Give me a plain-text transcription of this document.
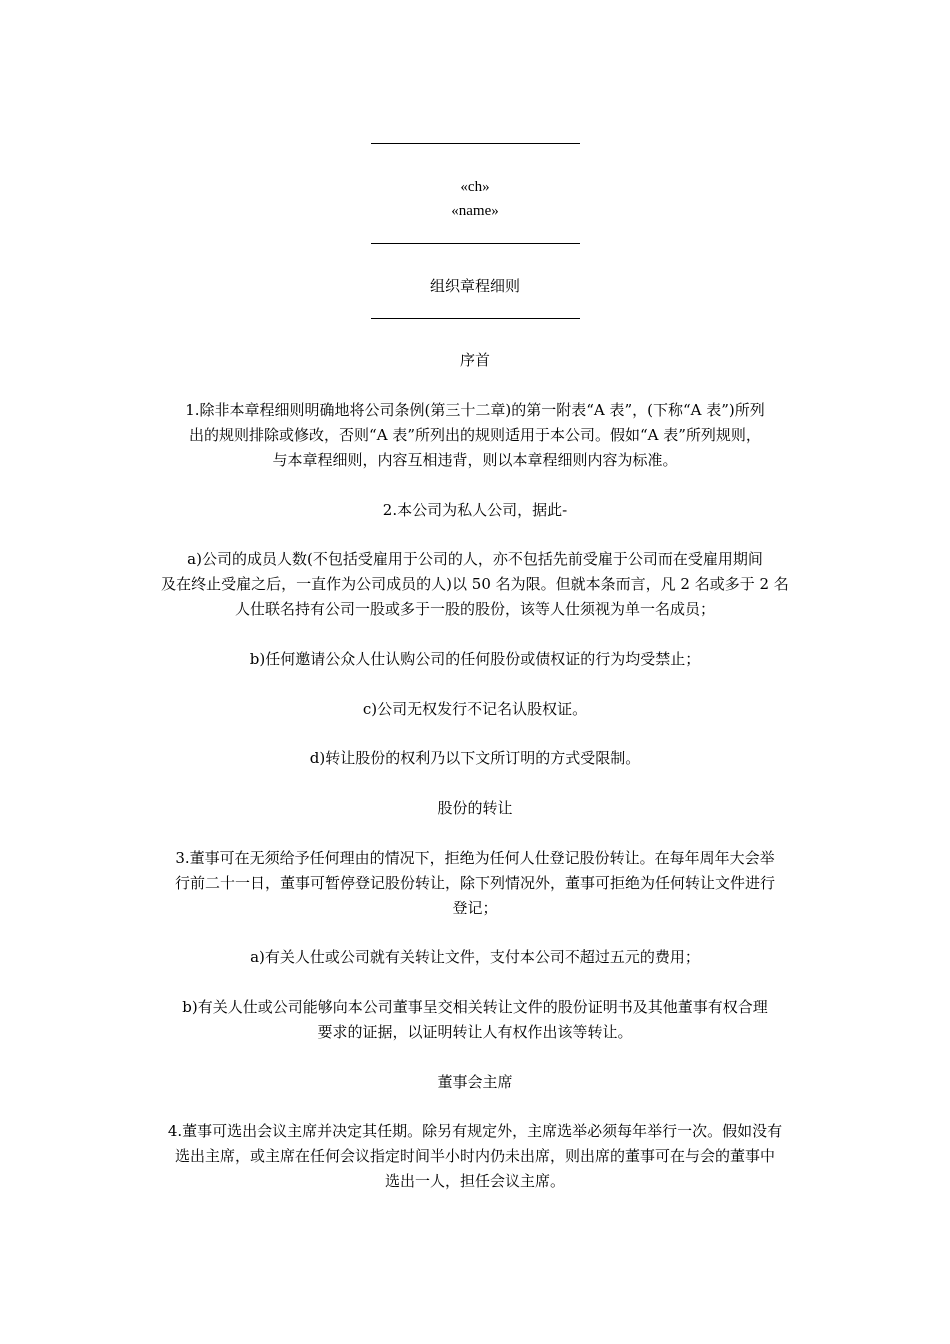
«ch»
«name»
组织章程细则
序首
1.除非本章程细则明确地将公司条例(第三十二章)的第一附表“A 表”，(下称“A 表”)所列
出的规则排除或修改，否则“A 表”所列出的规则适用于本公司。假如“A 表”所列规则，
与本章程细则，内容互相违背，则以本章程细则内容为标准。
2.本公司为私人公司，据此-
a)公司的成员人数(不包括受雇用于公司的人，亦不包括先前受雇于公司而在受雇用期间
及在终止受雇之后，一直作为公司成员的人)以 50 名为限。但就本条而言，凡 2 名或多于 2 名
人仕联名持有公司一股或多于一股的股份，该等人仕须视为单一名成员；
b)任何邀请公众人仕认购公司的任何股份或债权证的行为均受禁止；
c)公司无权发行不记名认股权证。
d)转让股份的权利乃以下文所订明的方式受限制。
股份的转让
3.董事可在无须给予任何理由的情况下，拒绝为任何人仕登记股份转让。在每年周年大会举
行前二十一日，董事可暂停登记股份转让，除下列情况外，董事可拒绝为任何转让文件进行
登记；
a)有关人仕或公司就有关转让文件，支付本公司不超过五元的费用；
b)有关人仕或公司能够向本公司董事呈交相关转让文件的股份证明书及其他董事有权合理
要求的证据，以证明转让人有权作出该等转让。
董事会主席
4.董事可选出会议主席并决定其任期。除另有规定外，主席选举必须每年举行一次。假如没有
选出主席，或主席在任何会议指定时间半小时内仍未出席，则出席的董事可在与会的董事中
选出一人，担任会议主席。
